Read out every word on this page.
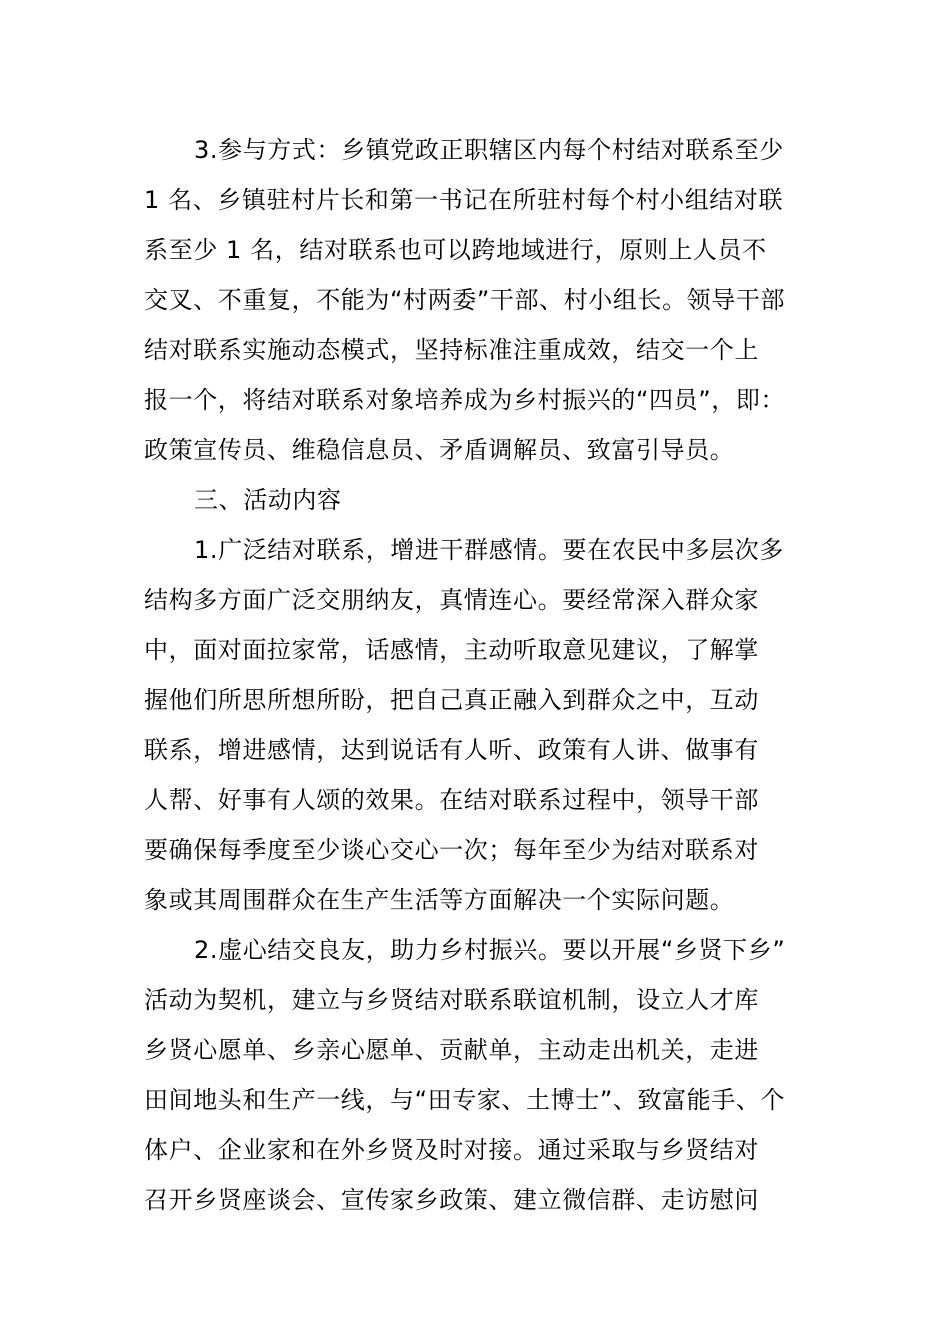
3.参与方式：乡镇党政正职辖区内每个村结对联系至少
1 名、乡镇驻村片长和第一书记在所驻村每个村小组结对联
系至少 1 名，结对联系也可以跨地域进行，原则上人员不
交叉、不重复，不能为“村两委”干部、村小组长。领导干部
结对联系实施动态模式，坚持标准注重成效，结交一个上
报一个，将结对联系对象培养成为乡村振兴的“四员”，即：
政策宣传员、维稳信息员、矛盾调解员、致富引导员。
三、活动内容
1.广泛结对联系，增进干群感情。要在农民中多层次多
结构多方面广泛交朋纳友，真情连心。要经常深入群众家
中，面对面拉家常，话感情，主动听取意见建议，了解掌
握他们所思所想所盼，把自己真正融入到群众之中，互动
联系，增进感情，达到说话有人听、政策有人讲、做事有
人帮、好事有人颂的效果。在结对联系过程中，领导干部
要确保每季度至少谈心交心一次；每年至少为结对联系对
象或其周围群众在生产生活等方面解决一个实际问题。
2.虚心结交良友，助力乡村振兴。要以开展“乡贤下乡”
活动为契机，建立与乡贤结对联系联谊机制，设立人才库
乡贤心愿单、乡亲心愿单、贡献单，主动走出机关，走进
田间地头和生产一线，与“田专家、土博士”、致富能手、个
体户、企业家和在外乡贤及时对接。通过采取与乡贤结对
召开乡贤座谈会、宣传家乡政策、建立微信群、走访慰问
